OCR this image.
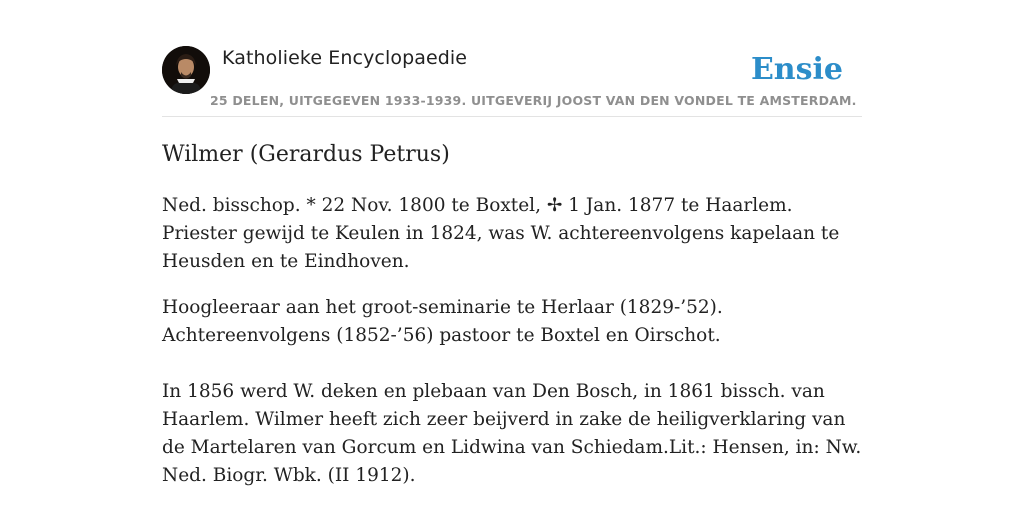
Katholieke Encyclopaedie
25 DELEN, UITGEGEVEN 1933-1939. UITGEVERIJ JOOST VAN DEN VONDEL TE AMSTERDAM.
Ensie
Wilmer (Gerardus Petrus)

Ned. bisschop. * 22 Nov. 1800 te Boxtel, ✢ 1 Jan. 1877 te Haarlem. Priester gewijd te Keulen in 1824, was W. achtereenvolgens kapelaan te Heusden en te Eindhoven.

Hoogleeraar aan het groot-seminarie te Herlaar (1829-’52). Achtereenvolgens (1852-’56) pastoor te Boxtel en Oirschot.

In 1856 werd W. deken en plebaan van Den Bosch, in 1861 bissch. van Haarlem. Wilmer heeft zich zeer beijverd in zake de heiligverklaring van de Martelaren van Gorcum en Lidwina van Schiedam.Lit.: Hensen, in: Nw. Ned. Biogr. Wbk. (II 1912).
